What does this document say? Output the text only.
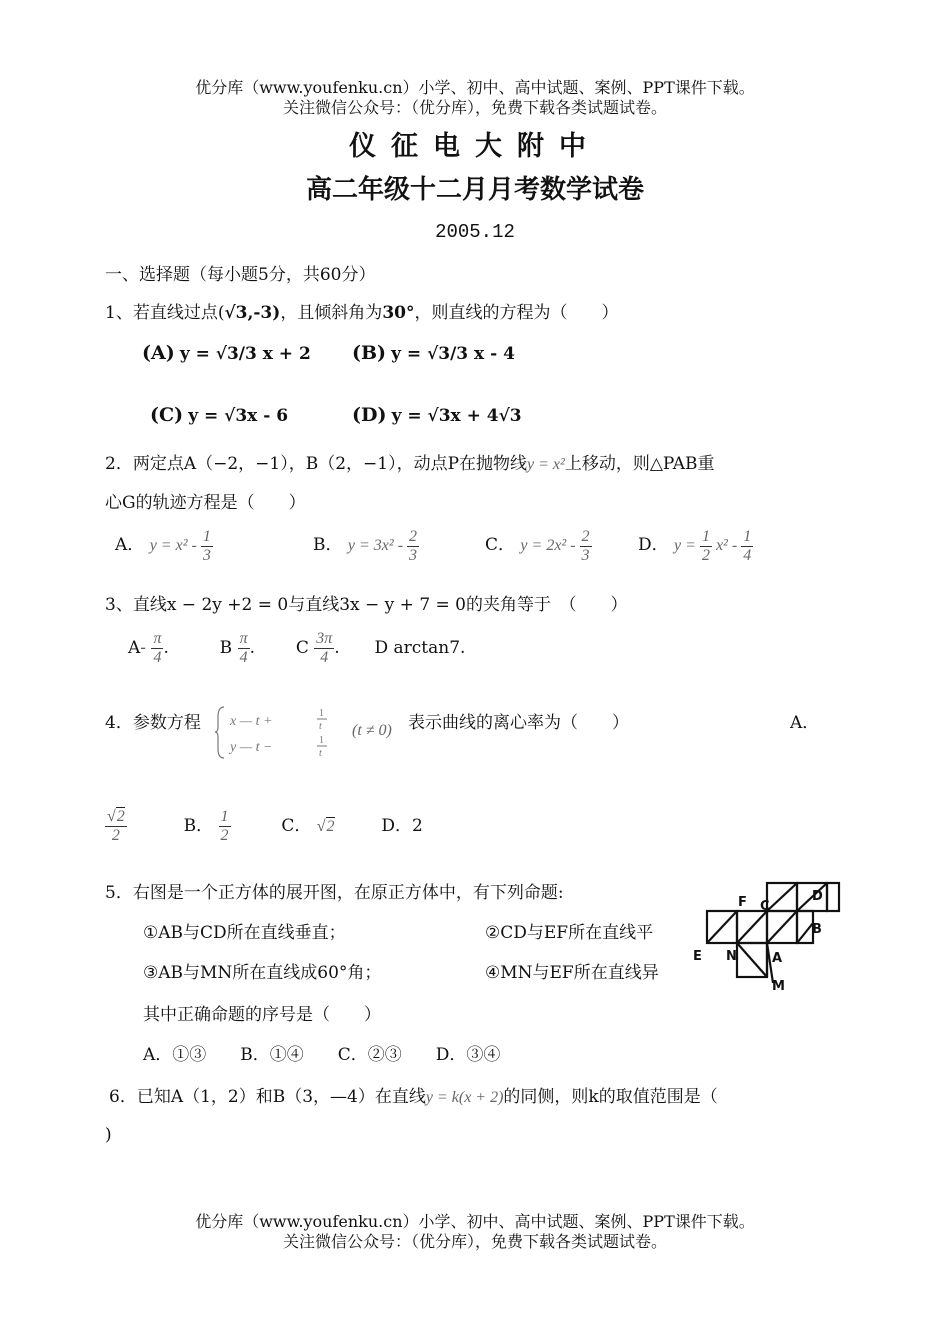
优分库（www.youfenku.cn）小学、初中、高中试题、案例、PPT课件下载。
关注微信公众号：（优分库），免费下载各类试题试卷。
仪征电大附中
高二年级十二月月考数学试卷
2005.12
一、选择题（每小题5分，共60分）
1、若直线过点(√3,-3)，且倾斜角为30°，则直线的方程为（　　）
(A) y = √3/3 x + 2 (B) y = √3/3 x - 4
(C) y = √3x - 6	(D) y = √3x + 4√3
2．两定点A（−2，−1），B（2，−1），动点P在抛物线y = x²上移动，则△PAB重
心G的轨迹方程是（　　）
A． $y = x^2 - \frac{1}{3}$	B． $y = 3x^2 - \frac{2}{3}$	C． $y = 2x^2 - \frac{2}{3}$	D． $y = \frac{1}{2} x^2 - \frac{1}{4}$
3、直线x − 2y +2 = 0与直线3x − y + 7 = 0的夹角等于　（　　）
$A- \frac{\pi}{4}$ .	B $\frac{\pi}{4}$ . C $\frac{3\pi}{4}$ . D arctan7.
4．参数方程 x — t +
y — t −
1
t
1
t
(t ≠ 0) 表示曲线的离心率为（　　）	A．
$\frac{√2}{2}$	B． $\frac{1}{2}$	C． √2	D．2
5．右图是一个正方体的展开图，在原正方体中，有下列命题:
①AB与CD所在直线垂直；	②CD与EF所在直线平
③AB与MN所在直线成60°角；	④MN与EF所在直线异
其中正确命题的序号是（　　）
A．①③　　B．①④　　C．②③　　D．③④
F C
D
B
E N	A
M
6．已知A（1，2）和B（3，—4）在直线y = k(x + 2)的同侧，则k的取值范围是（
)
优分库（www.youfenku.cn）小学、初中、高中试题、案例、PPT课件下载。
关注微信公众号：（优分库），免费下载各类试题试卷。
